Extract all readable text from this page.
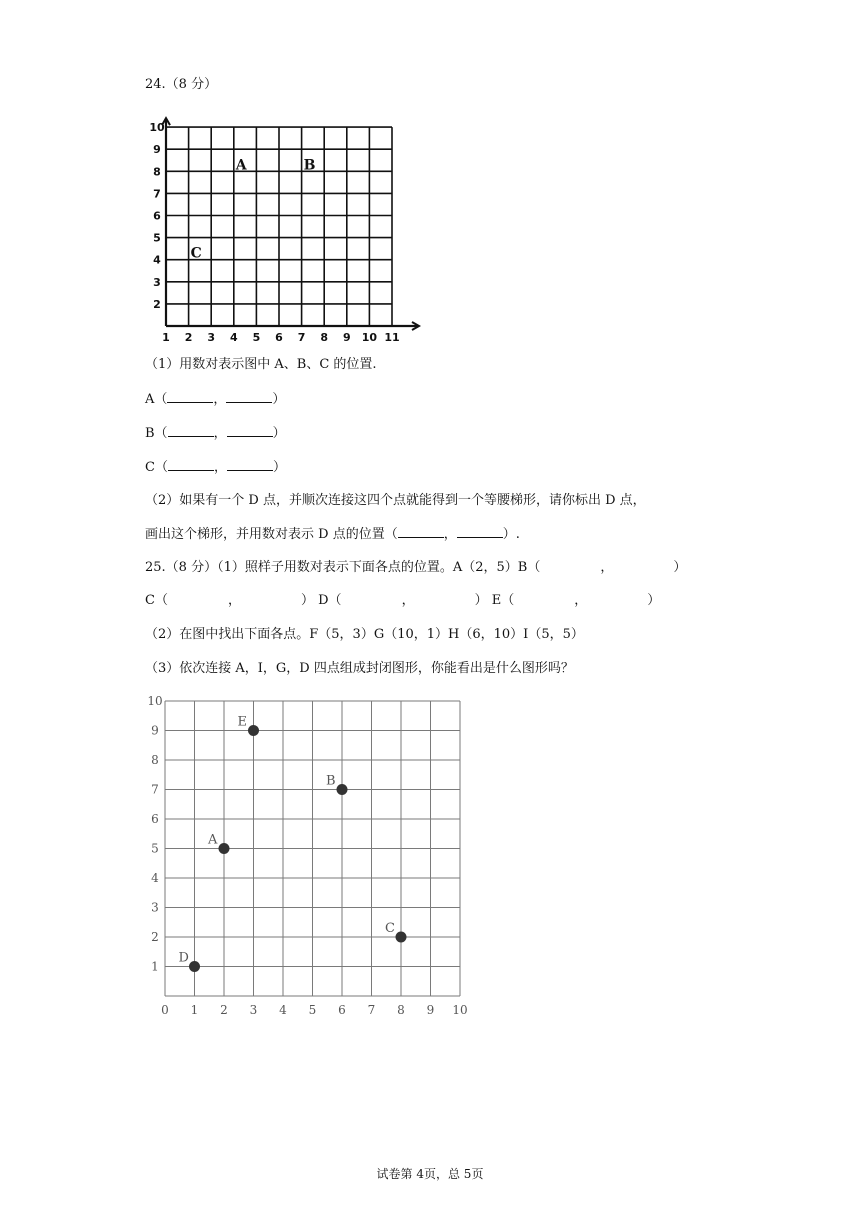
24.（8 分）
1 2 3 4 5 6 7 8 9 10 11
2
3
4
5
6
7
8
9
10
A	B
C
（1）用数对表示图中 A、B、C 的位置.
A（	，	）
B（	，	）
C（	，	）
（2）如果有一个 D 点，并顺次连接这四个点就能得到一个等腰梯形，请你标出 D 点，
画出这个梯形，并用数对表示 D 点的位置（	，	）.
25.（8 分）（1）照样子用数对表示下面各点的位置。A（2，5）B（	，	）
C（	，	） D（	，	） E（	，	）
（2）在图中找出下面各点。F（5，3）G（10，1）H（6，10）I（5，5）
（3）依次连接 A，I，G，D 四点组成封闭图形，你能看出是什么图形吗？
0 1 2 3 4 5 6 7 8 9 10
1
2
3
4
5
6
7
8
9
10
E
B
A
C
D
试卷第 4页，总 5页
